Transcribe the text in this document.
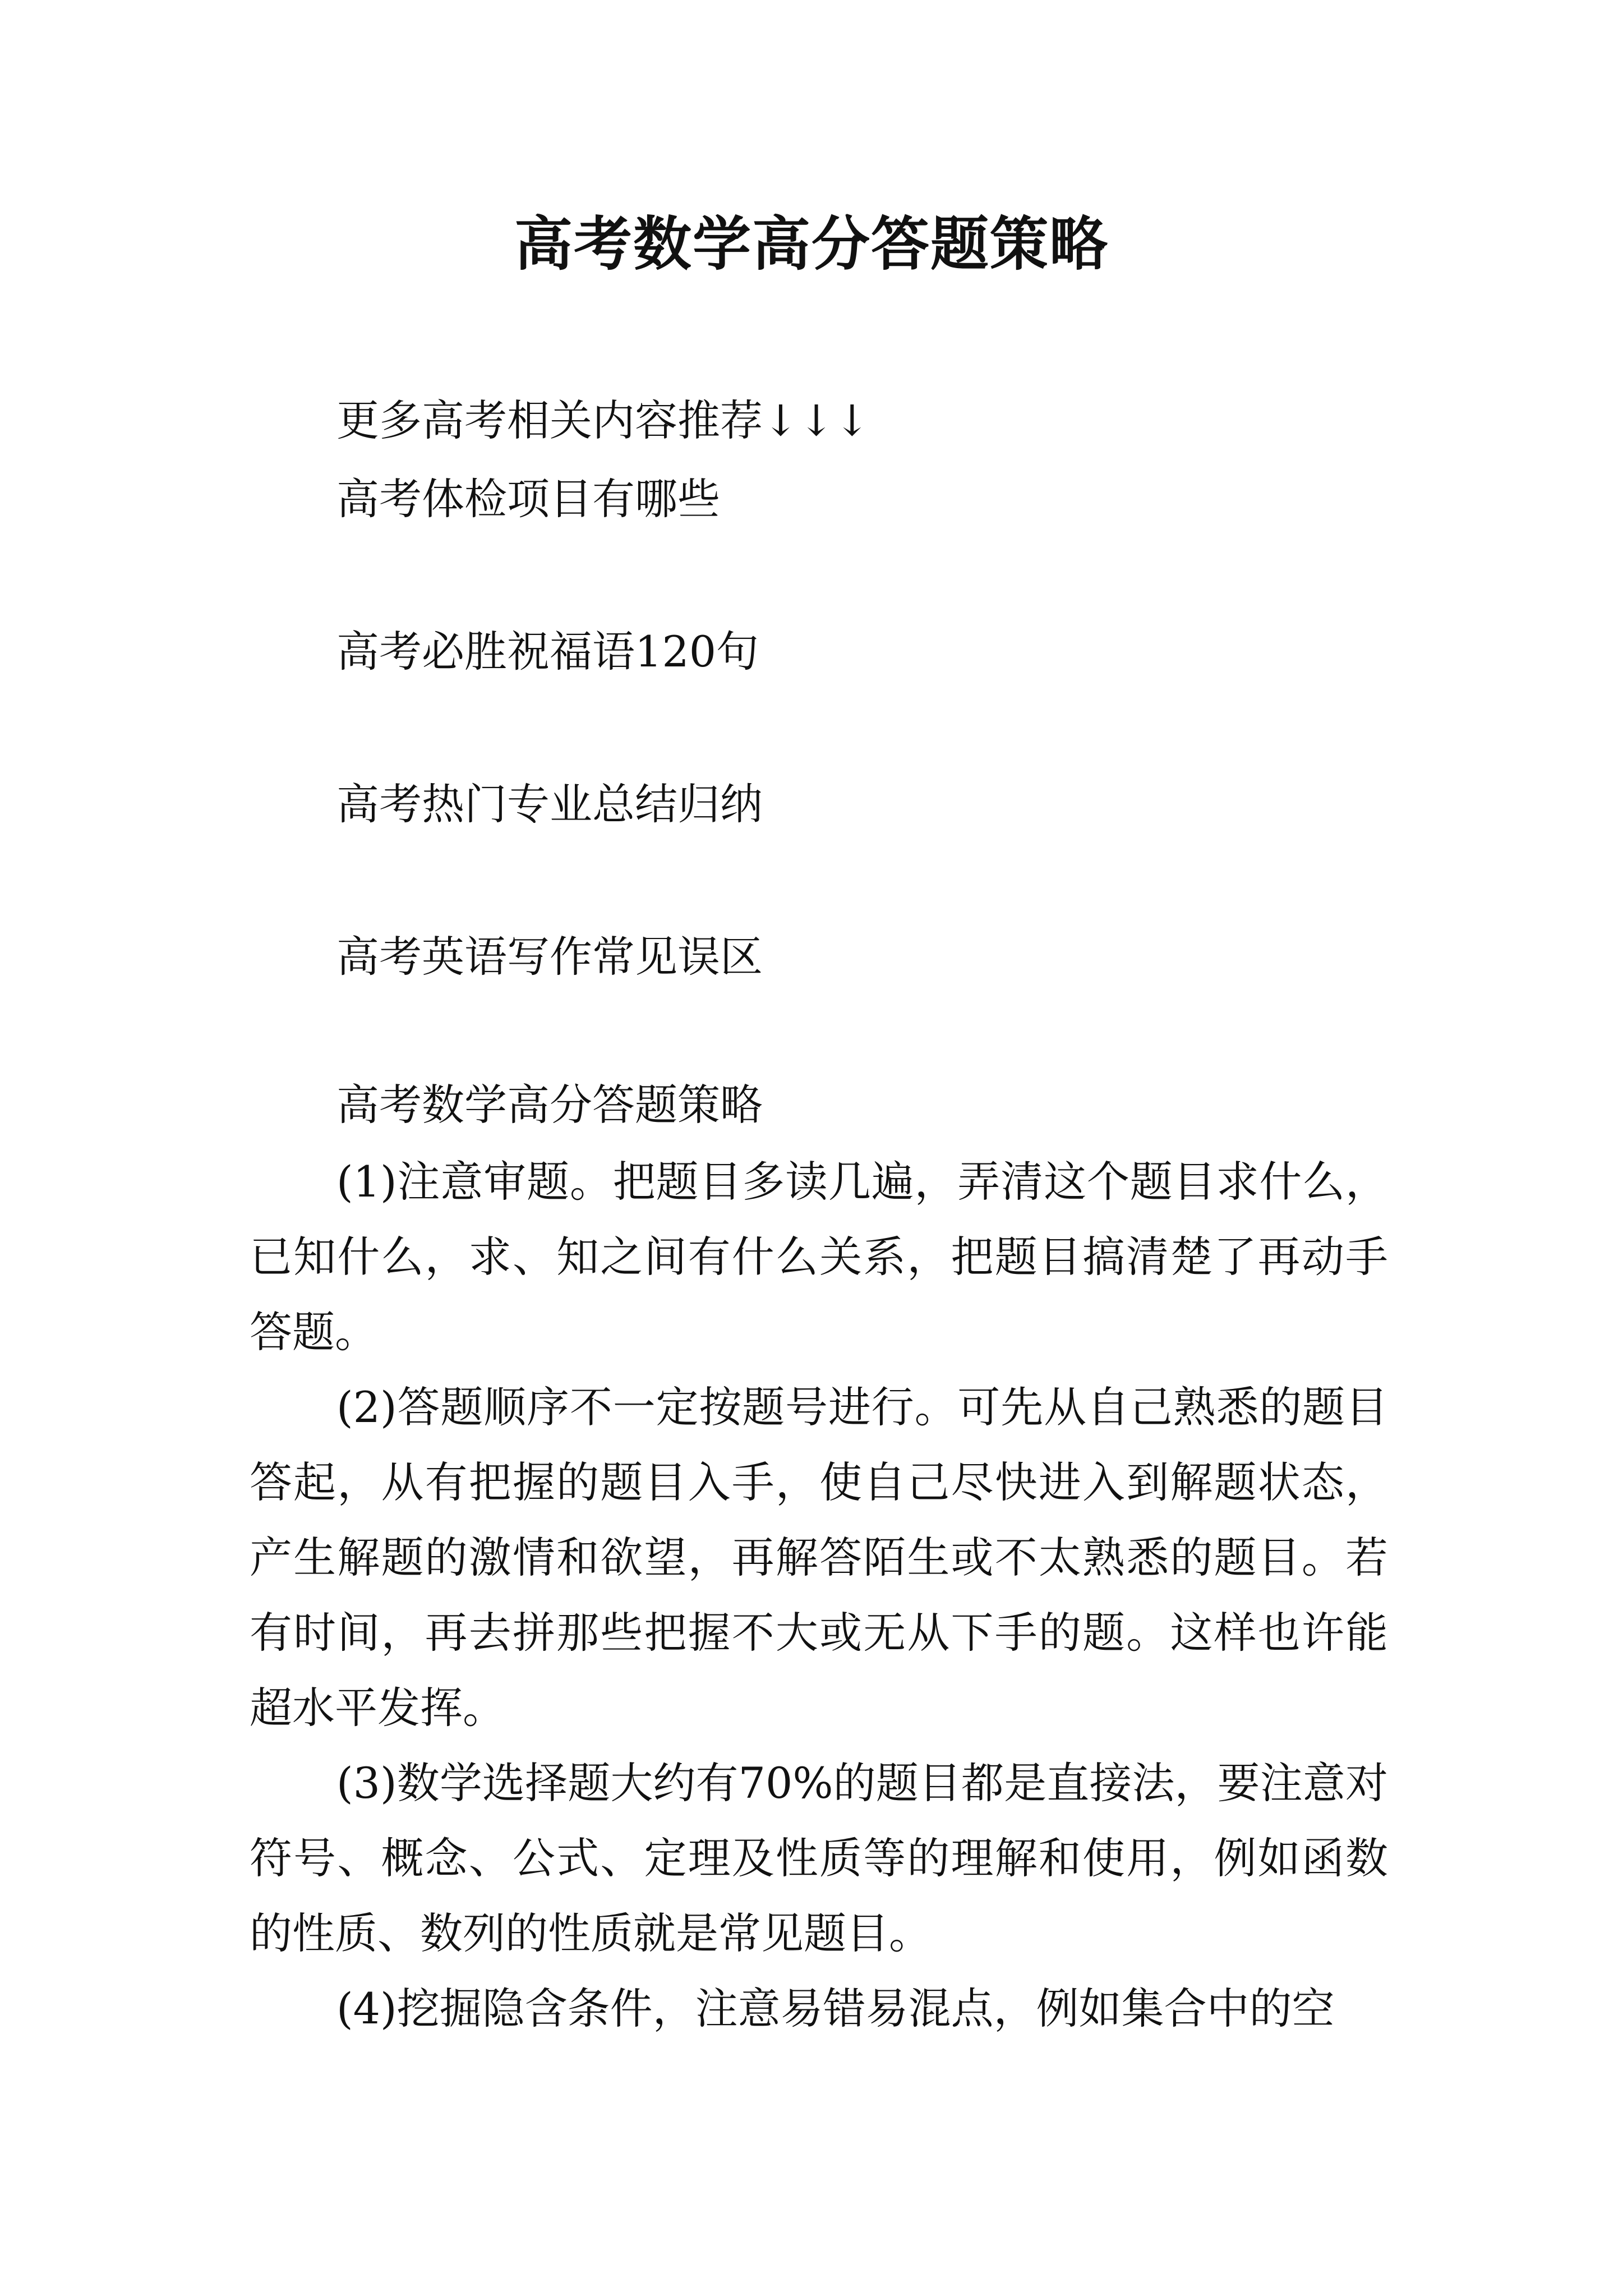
高考数学高分答题策略
更多高考相关内容推荐↓↓↓
高考体检项目有哪些
高考必胜祝福语120句
高考热门专业总结归纳
高考英语写作常见误区
高考数学高分答题策略

(1)注意审题。把题目多读几遍，弄清这个题目求什么，已知什么，求、知之间有什么关系，把题目搞清楚了再动手答题。

(2)答题顺序不一定按题号进行。可先从自己熟悉的题目答起，从有把握的题目入手，使自己尽快进入到解题状态，产生解题的激情和欲望，再解答陌生或不太熟悉的题目。若有时间，再去拼那些把握不大或无从下手的题。这样也许能超水平发挥。

(3)数学选择题大约有70%的题目都是直接法，要注意对符号、概念、公式、定理及性质等的理解和使用，例如函数的性质、数列的性质就是常见题目。

(4)挖掘隐含条件，注意易错易混点，例如集合中的空
